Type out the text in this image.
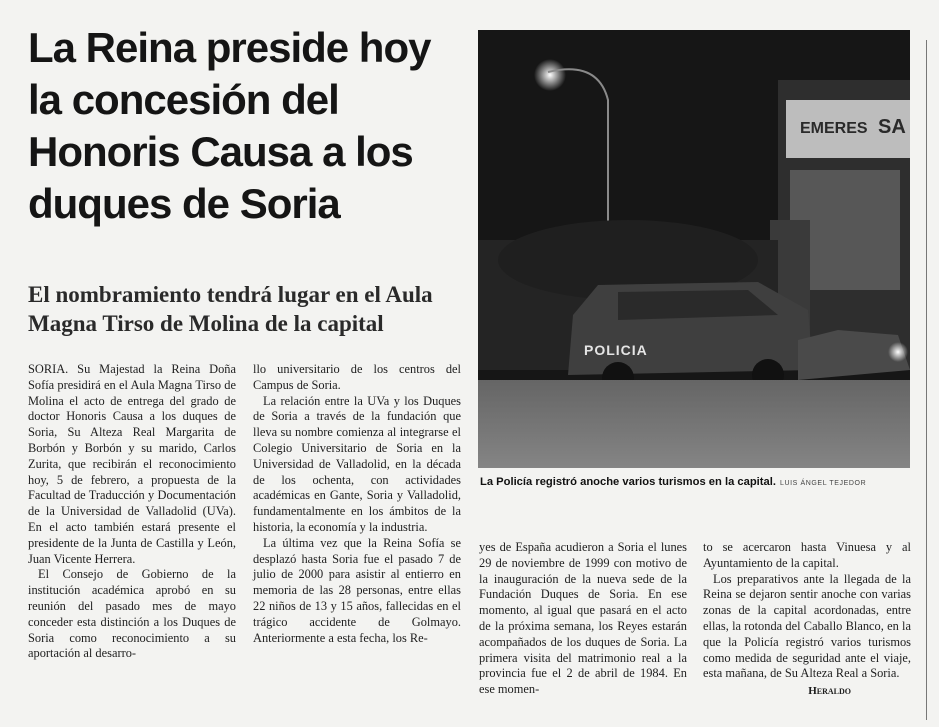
La Reina preside hoy la concesión del Honoris Causa a los duques de Soria
El nombramiento tendrá lugar en el Aula Magna Tirso de Molina de la capital
EMERES SA
POLICIA
La Policía registró anoche varios turismos en la capital. LUIS ÁNGEL TEJEDOR

SORIA. Su Majestad la Reina Doña Sofía presidirá en el Aula Magna Tirso de Molina el acto de entrega del grado de doctor Honoris Causa a los duques de Soria, Su Alteza Real Margarita de Borbón y Borbón y su marido, Carlos Zurita, que recibirán el reconocimiento hoy, 5 de febrero, a propuesta de la Facultad de Traducción y Documentación de la Universidad de Valladolid (UVa). En el acto también estará presente el presidente de la Junta de Castilla y León, Juan Vicente Herrera.

El Consejo de Gobierno de la institución académica aprobó en su reunión del pasado mes de mayo conceder esta distinción a los Duques de Soria como reconocimiento a su aportación al desarro-

llo universitario de los centros del Campus de Soria.

La relación entre la UVa y los Duques de Soria a través de la fundación que lleva su nombre comienza al integrarse el Colegio Universitario de Soria en la Universidad de Valladolid, en la década de los ochenta, con actividades académicas en Gante, Soria y Valladolid, fundamentalmente en los ámbitos de la historia, la economía y la industria.

La última vez que la Reina Sofía se desplazó hasta Soria fue el pasado 7 de julio de 2000 para asistir al entierro en memoria de las 28 personas, entre ellas 22 niños de 13 y 15 años, fallecidas en el trágico accidente de Golmayo. Anteriormente a esta fecha, los Re-

yes de España acudieron a Soria el lunes 29 de noviembre de 1999 con motivo de la inauguración de la nueva sede de la Fundación Duques de Soria. En ese momento, al igual que pasará en el acto de la próxima semana, los Reyes estarán acompañados de los duques de Soria. La primera visita del matrimonio real a la provincia fue el 2 de abril de 1984. En ese momen-

to se acercaron hasta Vinuesa y al Ayuntamiento de la capital.

Los preparativos ante la llegada de la Reina se dejaron sentir anoche con varias zonas de la capital acordonadas, entre ellas, la rotonda del Caballo Blanco, en la que la Policía registró varios turismos como medida de seguridad ante el viaje, esta mañana, de Su Alteza Real a Soria.

Heraldo
